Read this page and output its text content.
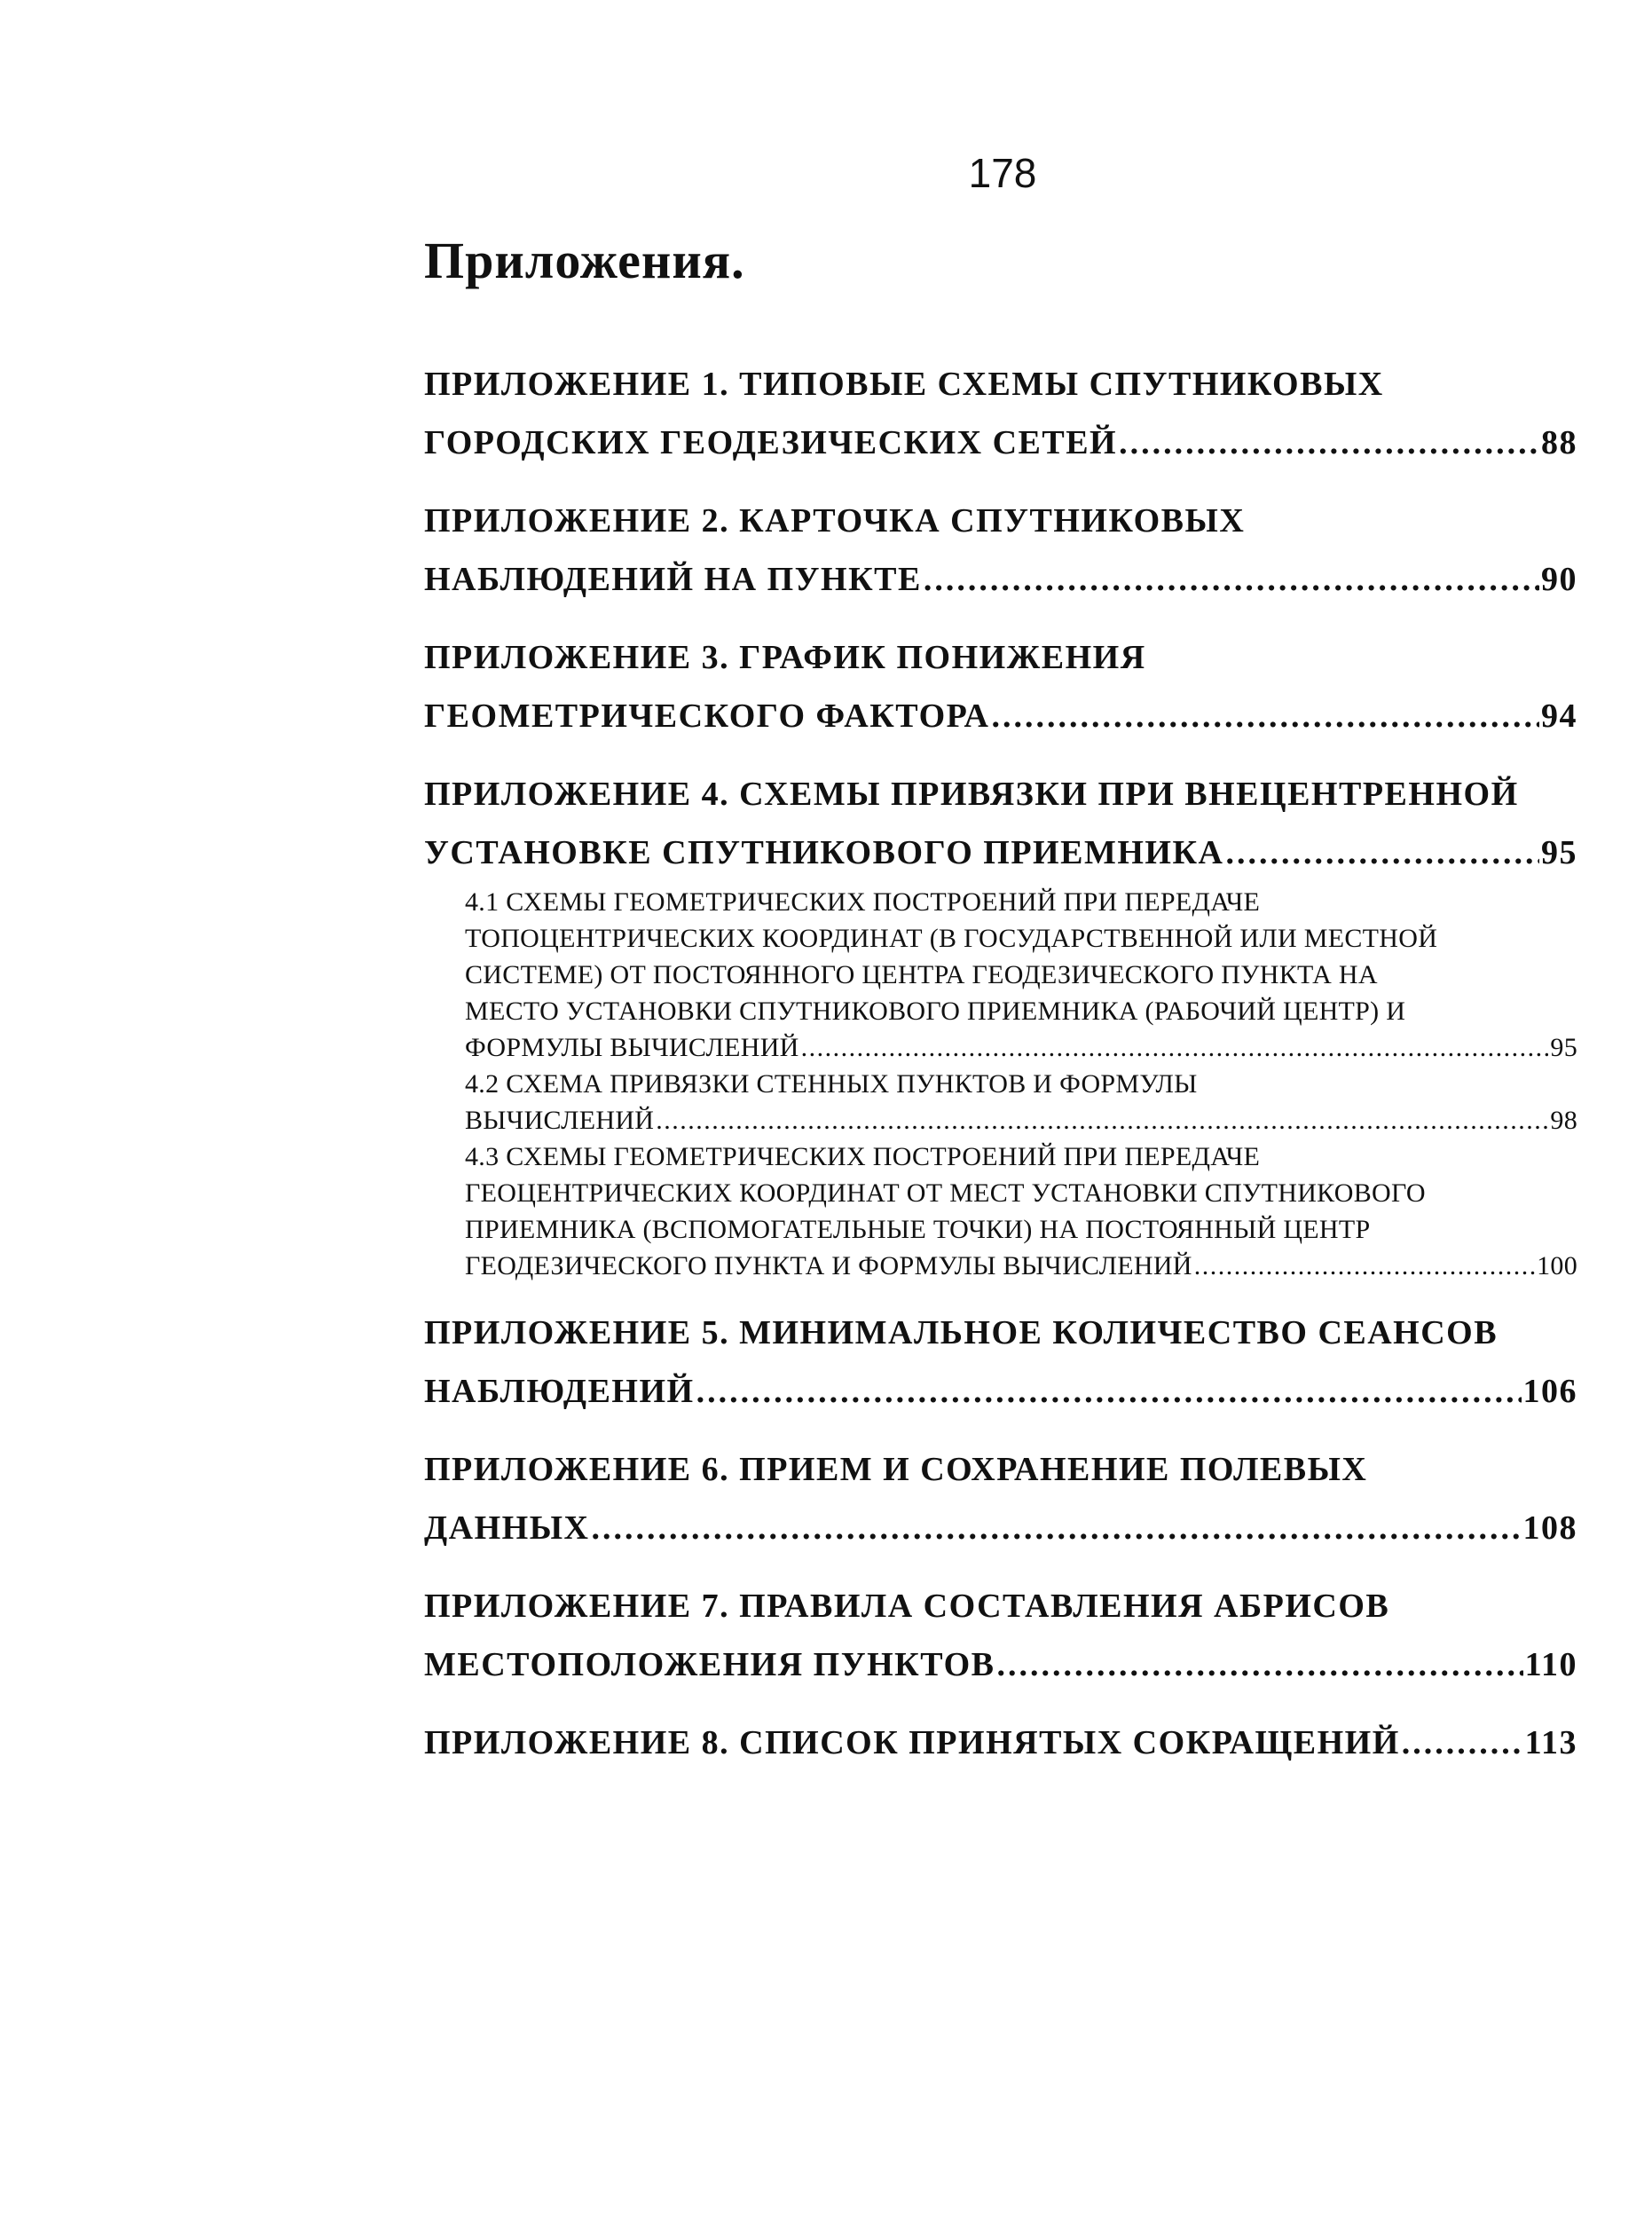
178
Приложения.
ПРИЛОЖЕНИЕ 1. ТИПОВЫЕ СХЕМЫ СПУТНИКОВЫХ
ГОРОДСКИХ ГЕОДЕЗИЧЕСКИХ СЕТЕЙ .....	88
ПРИЛОЖЕНИЕ 2. КАРТОЧКА СПУТНИКОВЫХ
НАБЛЮДЕНИЙ НА ПУНКТЕ .....	90
ПРИЛОЖЕНИЕ 3. ГРАФИК ПОНИЖЕНИЯ
ГЕОМЕТРИЧЕСКОГО ФАКТОРА .....	94
ПРИЛОЖЕНИЕ 4. СХЕМЫ ПРИВЯЗКИ ПРИ ВНЕЦЕНТРЕННОЙ
УСТАНОВКЕ СПУТНИКОВОГО ПРИЕМНИКА .....	95
4.1 СХЕМЫ ГЕОМЕТРИЧЕСКИХ ПОСТРОЕНИЙ ПРИ ПЕРЕДАЧЕ
ТОПОЦЕНТРИЧЕСКИХ КООРДИНАТ (В ГОСУДАРСТВЕННОЙ ИЛИ МЕСТНОЙ
СИСТЕМЕ) ОТ ПОСТОЯННОГО ЦЕНТРА ГЕОДЕЗИЧЕСКОГО ПУНКТА НА
МЕСТО УСТАНОВКИ СПУТНИКОВОГО ПРИЕМНИКА (РАБОЧИЙ ЦЕНТР) И
ФОРМУЛЫ ВЫЧИСЛЕНИЙ .....	95
4.2 СХЕМА ПРИВЯЗКИ СТЕННЫХ ПУНКТОВ И ФОРМУЛЫ
ВЫЧИСЛЕНИЙ .....	98
4.3 СХЕМЫ ГЕОМЕТРИЧЕСКИХ ПОСТРОЕНИЙ ПРИ ПЕРЕДАЧЕ
ГЕОЦЕНТРИЧЕСКИХ КООРДИНАТ ОТ МЕСТ УСТАНОВКИ СПУТНИКОВОГО
ПРИЕМНИКА (ВСПОМОГАТЕЛЬНЫЕ ТОЧКИ) НА ПОСТОЯННЫЙ ЦЕНТР
ГЕОДЕЗИЧЕСКОГО ПУНКТА И ФОРМУЛЫ ВЫЧИСЛЕНИЙ .....	100
ПРИЛОЖЕНИЕ 5. МИНИМАЛЬНОЕ КОЛИЧЕСТВО СЕАНСОВ
НАБЛЮДЕНИЙ .....	106
ПРИЛОЖЕНИЕ 6. ПРИЕМ И СОХРАНЕНИЕ ПОЛЕВЫХ
ДАННЫХ .....	108
ПРИЛОЖЕНИЕ 7. ПРАВИЛА СОСТАВЛЕНИЯ АБРИСОВ
МЕСТОПОЛОЖЕНИЯ ПУНКТОВ .....	110
ПРИЛОЖЕНИЕ 8. СПИСОК ПРИНЯТЫХ СОКРАЩЕНИЙ .....	113
